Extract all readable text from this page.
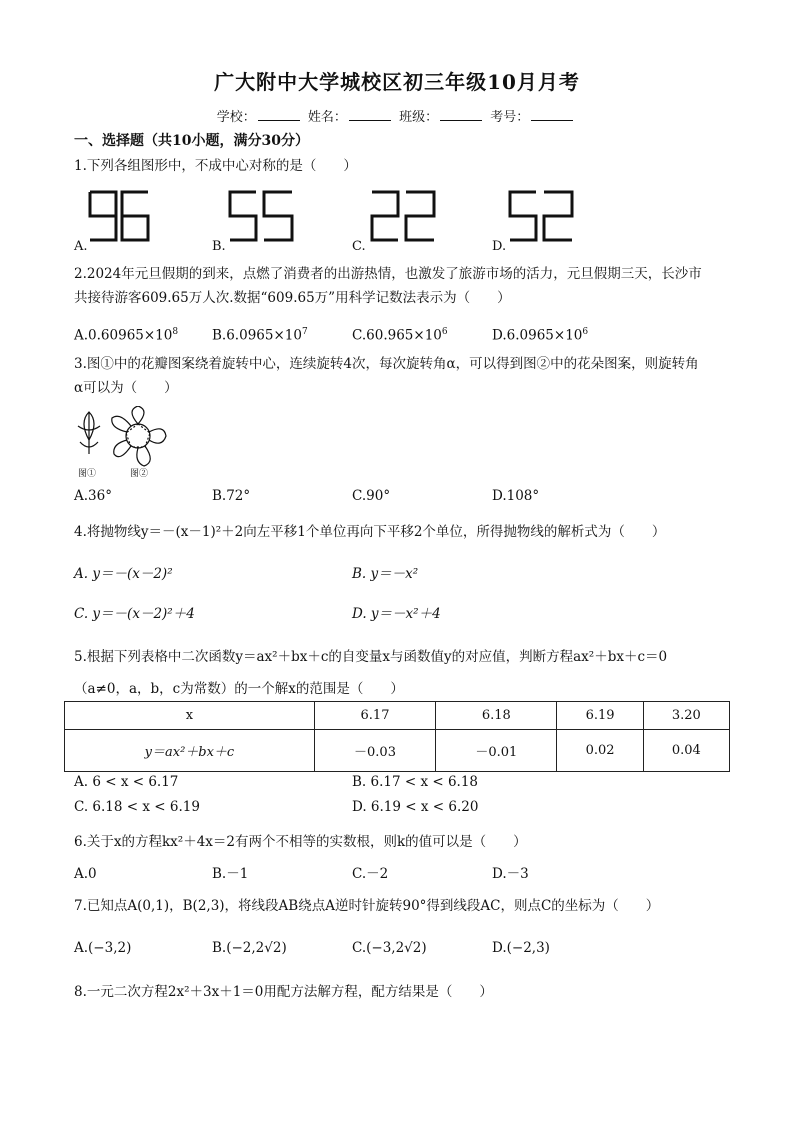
广大附中大学城校区初三年级10月月考
学校：	姓名：	班级：	考号：
一、选择题（共10小题，满分30分）
1.下列各组图形中，不成中心对称的是（　　）
A.	B.	C.	D.
2.2024年元旦假期的到来，点燃了消费者的出游热情，也激发了旅游市场的活力，元旦假期三天，长沙市
共接待游客609.65万人次.数据“609.65万”用科学记数法表示为（　　）
$A.0.60965\times 10^8$	$B.6.0965\times 10^7$	$C.60.965\times 10^6$	$D.6.0965\times 10^6$
3.图①中的花瓣图案绕着旋转中心，连续旋转4次，每次旋转角α，可以得到图②中的花朵图案，则旋转角
α可以为（　　）
图①	图②
A.36°	B.72°	C.90°	D.108°
4.将抛物线y＝－(x－1)²＋2向左平移1个单位再向下平移2个单位，所得抛物线的解析式为（　　）
A. y＝－(x－2)²	B. y＝－x²
C. y＝－(x－2)²＋4	D. y＝－x²＋4
5.根据下列表格中二次函数y＝ax²＋bx＋c的自变量x与函数值y的对应值，判断方程ax²＋bx＋c＝0
（a≠0，a，b，c为常数）的一个解x的范围是（　　）
x	6.17	6.18	6.19	3.20
y＝ax²＋bx＋c	－0.03	－0.01	0.02	0.04
A. 6 < x < 6.17	B. 6.17 < x < 6.18
C. 6.18 < x < 6.19	D. 6.19 < x < 6.20
6.关于x的方程kx²＋4x＝2有两个不相等的实数根，则k的值可以是（　　）
A.0	B.－1	C.－2	D.－3
7.已知点A(0,1)，B(2,3)，将线段AB绕点A逆时针旋转90°得到线段AC，则点C的坐标为（　　）
A.(−3,2)	B.(−2,2√2)	C.(−3,2√2)	D.(−2,3)
8.一元二次方程2x²＋3x＋1＝0用配方法解方程，配方结果是（　　）
